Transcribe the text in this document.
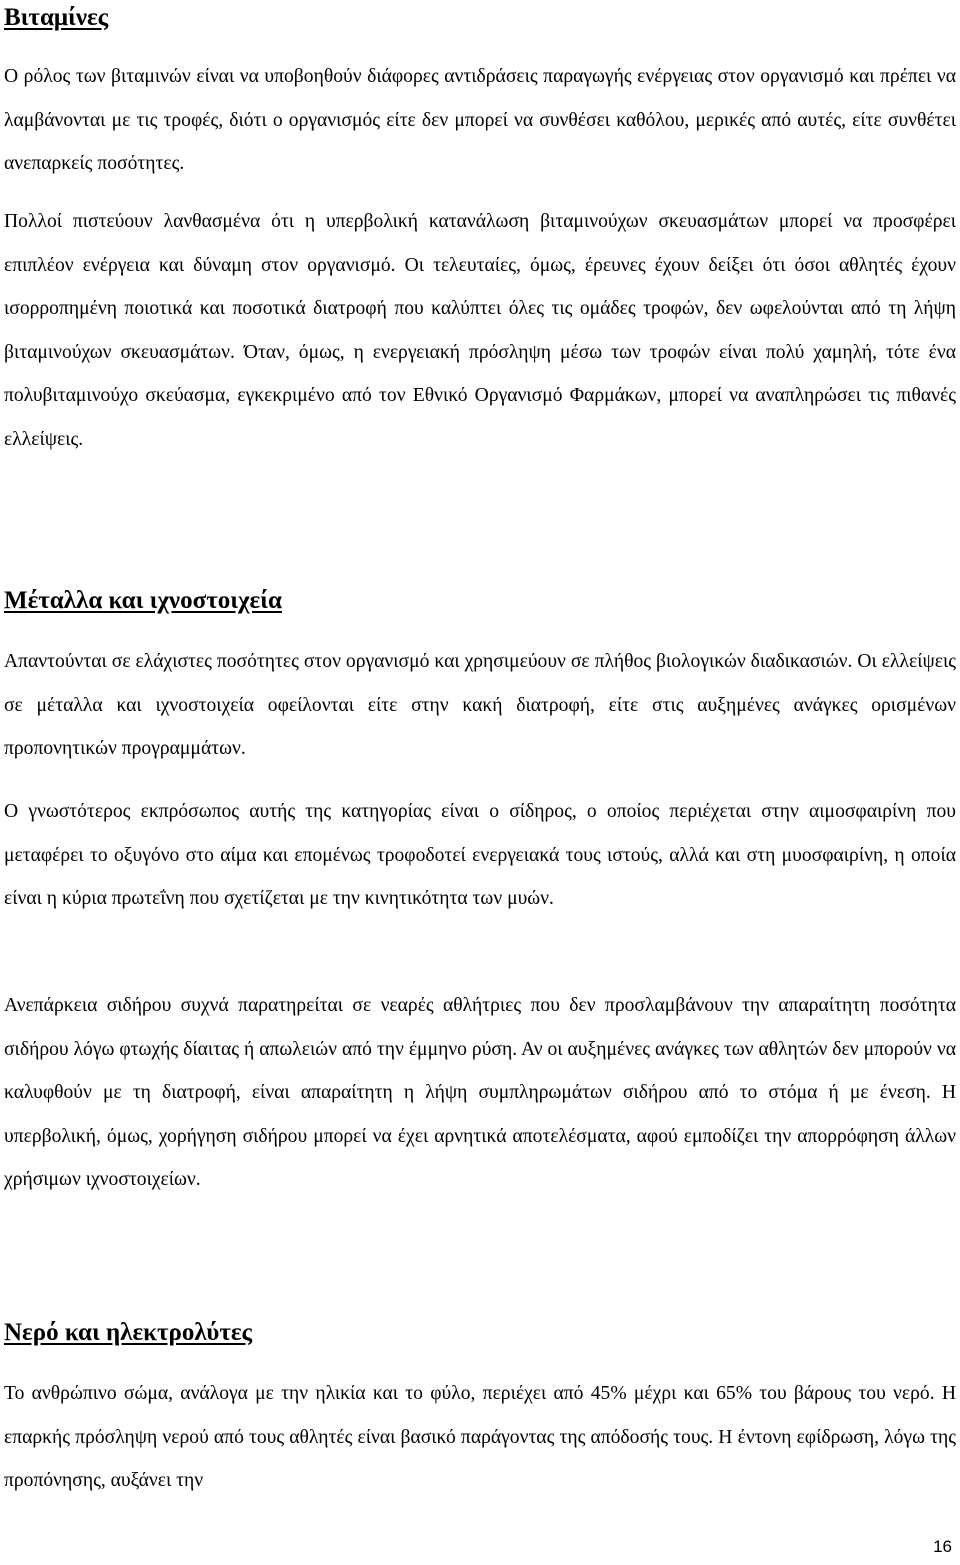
Βιταμίνες

Ο ρόλος των βιταμινών είναι να υποβοηθούν διάφορες αντιδράσεις παραγωγής ενέργειας στον οργανισμό και πρέπει να λαμβάνονται με τις τροφές, διότι ο οργανισμός είτε δεν μπορεί να συνθέσει καθόλου, μερικές από αυτές, είτε συνθέτει ανεπαρκείς ποσότητες.

Πολλοί πιστεύουν λανθασμένα ότι η υπερβολική κατανάλωση βιταμινούχων σκευασμάτων μπορεί να προσφέρει επιπλέον ενέργεια και δύναμη στον οργανισμό. Οι τελευταίες, όμως, έρευνες έχουν δείξει ότι όσοι αθλητές έχουν ισορροπημένη ποιοτικά και ποσοτικά διατροφή που καλύπτει όλες τις ομάδες τροφών, δεν ωφελούνται από τη λήψη βιταμινούχων σκευασμάτων. Όταν, όμως, η ενεργειακή πρόσληψη μέσω των τροφών είναι πολύ χαμηλή, τότε ένα πολυβιταμινούχο σκεύασμα, εγκεκριμένο από τον Εθνικό Οργανισμό Φαρμάκων, μπορεί να αναπληρώσει τις πιθανές ελλείψεις.

Μέταλλα και ιχνοστοιχεία

Απαντούνται σε ελάχιστες ποσότητες στον οργανισμό και χρησιμεύουν σε πλήθος βιολογικών διαδικασιών. Οι ελλείψεις σε μέταλλα και ιχνοστοιχεία οφείλονται είτε στην κακή διατροφή, είτε στις αυξημένες ανάγκες ορισμένων προπονητικών προγραμμάτων.

Ο γνωστότερος εκπρόσωπος αυτής της κατηγορίας είναι ο σίδηρος, ο οποίος περιέχεται στην αιμοσφαιρίνη που μεταφέρει το οξυγόνο στο αίμα και επομένως τροφοδοτεί ενεργειακά τους ιστούς, αλλά και στη μυοσφαιρίνη, η οποία είναι η κύρια πρωτεΐνη που σχετίζεται με την κινητικότητα των μυών.

Ανεπάρκεια σιδήρου συχνά παρατηρείται σε νεαρές αθλήτριες που δεν προσλαμβάνουν την απαραίτητη ποσότητα σιδήρου λόγω φτωχής δίαιτας ή απωλειών από την έμμηνο ρύση. Αν οι αυξημένες ανάγκες των αθλητών δεν μπορούν να καλυφθούν με τη διατροφή, είναι απαραίτητη η λήψη συμπληρωμάτων σιδήρου από το στόμα ή με ένεση. Η υπερβολική, όμως, χορήγηση σιδήρου μπορεί να έχει αρνητικά αποτελέσματα, αφού εμποδίζει την απορρόφηση άλλων χρήσιμων ιχνοστοιχείων.

Νερό και ηλεκτρολύτες

Το ανθρώπινο σώμα, ανάλογα με την ηλικία και το φύλο, περιέχει από 45% μέχρι και 65% του βάρους του νερό. Η επαρκής πρόσληψη νερού από τους αθλητές είναι βασικό παράγοντας της απόδοσής τους. Η έντονη εφίδρωση, λόγω της προπόνησης, αυξάνει την

16
